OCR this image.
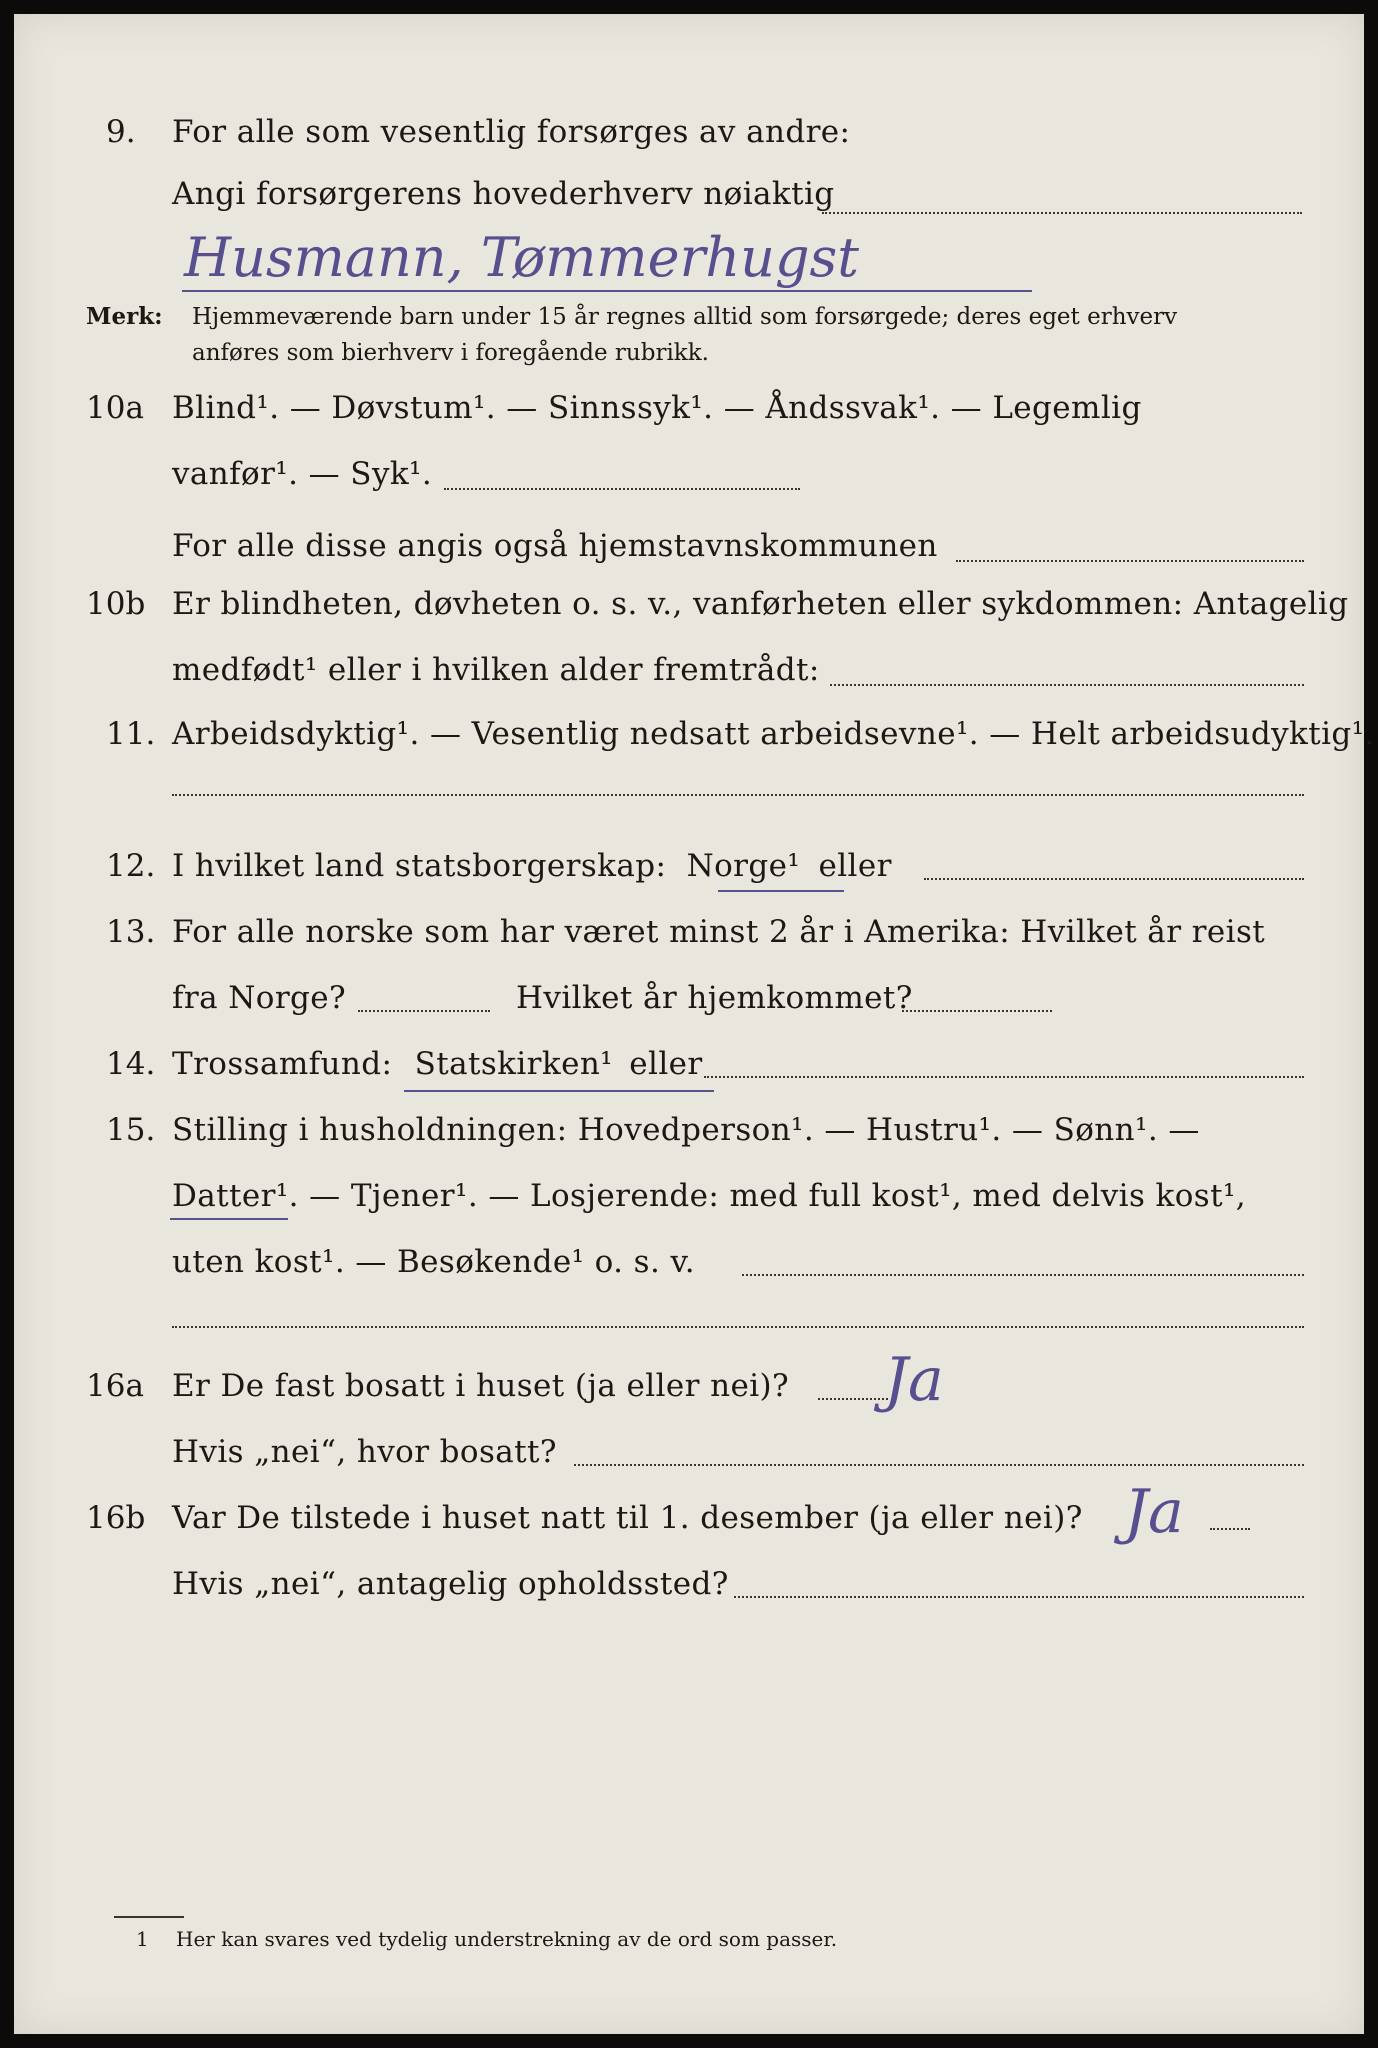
9. For alle som vesentlig forsørges av andre:
Angi forsørgerens hovederhverv nøiaktig
Husmann, Tømmerhugst
Merk: Hjemmeværende barn under 15 år regnes alltid som forsørgede; deres eget erhverv
anføres som bierhverv i foregående rubrikk.
10a Blind¹. — Døvstum¹. — Sinnssyk¹. — Åndssvak¹. — Legemlig
vanfør¹. — Syk¹.
For alle disse angis også hjemstavnskommunen
10b Er blindheten, døvheten o. s. v., vanførheten eller sykdommen: Antagelig
medfødt¹ eller i hvilken alder fremtrådt:
11. Arbeidsdyktig¹. — Vesentlig nedsatt arbeidsevne¹. — Helt arbeidsudyktig¹.
12. I hvilket land statsborgerskap: Norge¹ eller
13. For alle norske som har været minst 2 år i Amerika: Hvilket år reist
fra Norge?	Hvilket år hjemkommet?
14. Trossamfund: Statskirken¹ eller
15. Stilling i husholdningen: Hovedperson¹. — Hustru¹. — Sønn¹. —
Datter¹. — Tjener¹. — Losjerende: med full kost¹, med delvis kost¹,
uten kost¹. — Besøkende¹ o. s. v.
16a Er De fast bosatt i huset (ja eller nei)? Ja
Hvis „nei“, hvor bosatt?
16b Var De tilstede i huset natt til 1. desember (ja eller nei)? Ja
Hvis „nei“, antagelig opholdssted?
1 Her kan svares ved tydelig understrekning av de ord som passer.
